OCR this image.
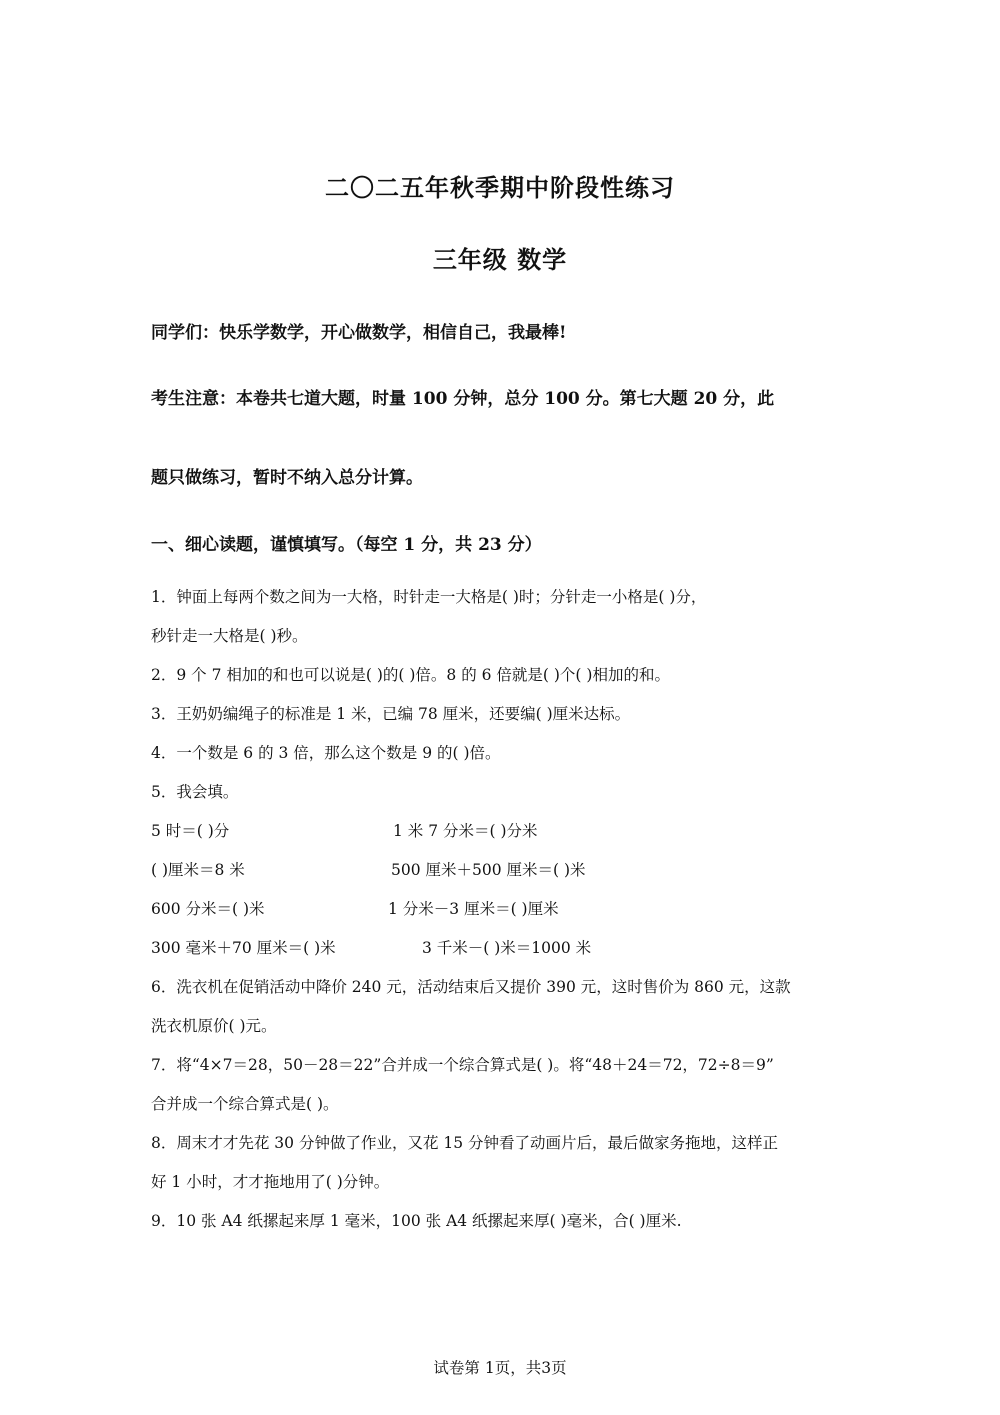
二〇二五年秋季期中阶段性练习
三年级 数学
同学们：快乐学数学，开心做数学，相信自己，我最棒!
考生注意：本卷共七道大题，时量 100 分钟，总分 100 分。第七大题 20 分，此
题只做练习，暂时不纳入总分计算。
一、细心读题，谨慎填写。（每空 1 分，共 23 分）
1．钟面上每两个数之间为一大格，时针走一大格是( )时；分针走一小格是( )分，
秒针走一大格是( )秒。
2．9 个 7 相加的和也可以说是( )的( )倍。8 的 6 倍就是( )个( )相加的和。
3．王奶奶编绳子的标准是 1 米，已编 78 厘米，还要编( )厘米达标。
4．一个数是 6 的 3 倍，那么这个数是 9 的( )倍。
5．我会填。
5 时＝( )分	1 米 7 分米＝( )分米
( )厘米＝8 米	500 厘米＋500 厘米＝( )米
600 分米＝( )米	1 分米－3 厘米＝( )厘米
300 毫米＋70 厘米＝( )米	3 千米－( )米＝1000 米
6．洗衣机在促销活动中降价 240 元，活动结束后又提价 390 元，这时售价为 860 元，这款
洗衣机原价( )元。
7．将“4×7＝28，50－28＝22”合并成一个综合算式是( )。将“48＋24＝72，72÷8＝9”
合并成一个综合算式是( )。
8．周末才才先花 30 分钟做了作业，又花 15 分钟看了动画片后，最后做家务拖地，这样正
好 1 小时，才才拖地用了( )分钟。
9．10 张 A4 纸摞起来厚 1 毫米，100 张 A4 纸摞起来厚( )毫米，合( )厘米.
试卷第 1页，共3页
